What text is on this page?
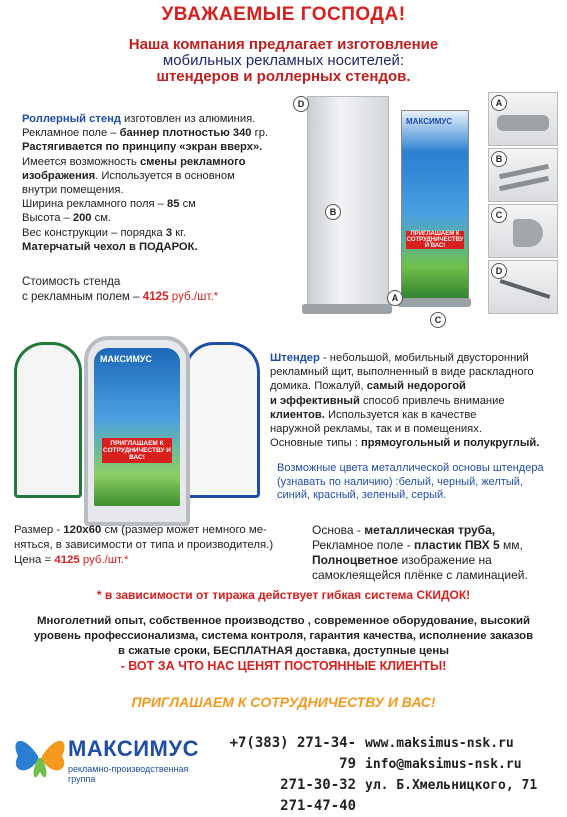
УВАЖАЕМЫЕ ГОСПОДА!
Наша компания предлагает изготовление
мобильных рекламных носителей:
штендеров и роллерных стендов.
Роллерный стенд изготовлен из алюминия.
Рекламное поле – баннер плотностью 340 гр.
Растягивается по принципу «экран вверх».
Имеется возможность смены рекламного
изображения. Используется в основном
внутри помещения.
Ширина рекламного поля – 85 см
Высота – 200 см.
Вес конструкции – порядка 3 кг.
Матерчатый чехол в ПОДАРОК.
Стоимость стенда
с рекламным полем – 4125 руб./шт.*
МАКСИМУС
ПРИГЛАШАЕМ К СОТРУДНИЧЕСТВУ И ВАС!
D
B
A
C
A
B
C
D
МАКСИМУС
ПРИГЛАШАЕМ К СОТРУДНИЧЕСТВУ И ВАС!
Штендер - небольшой, мобильный двусторонний
рекламный щит, выполненный в виде раскладного
домика. Пожалуй, самый недорогой
и эффективный способ привлечь внимание
клиентов. Используется как в качестве
наружной рекламы, так и в помещениях.
Основные типы : прямоугольный и полукруглый.
Возможные цвета металлической основы штендера
(узнавать по наличию) :белый, черный, желтый,
синий, красный, зеленый, серый.
Размер - 120х60 см (размер может немного ме-
няться, в зависимости от типа и производителя.)
Цена = 4125 руб./шт.*
Основа - металлическая труба,
Рекламное поле - пластик ПВХ 5 мм,
Полноцветное изображение на
самоклеящейся плёнке с ламинацией.
* в зависимости от тиража действует гибкая система СКИДОК!
Многолетний опыт, собственное производство , современное оборудование, высокий
уровень профессионализма, система контроля, гарантия качества, исполнение заказов
в сжатые сроки, БЕСПЛАТНАЯ доставка, доступные цены
- ВОТ ЗА ЧТО НАС ЦЕНЯТ ПОСТОЯННЫЕ КЛИЕНТЫ!
ПРИГЛАШАЕМ К СОТРУДНИЧЕСТВУ И ВАС!
МАКСИМУС
рекламно-производственная группа
+7(383) 271-34-79
271-30-32
271-47-40
www.maksimus-nsk.ru
info@maksimus-nsk.ru
ул. Б.Хмельницкого, 71
